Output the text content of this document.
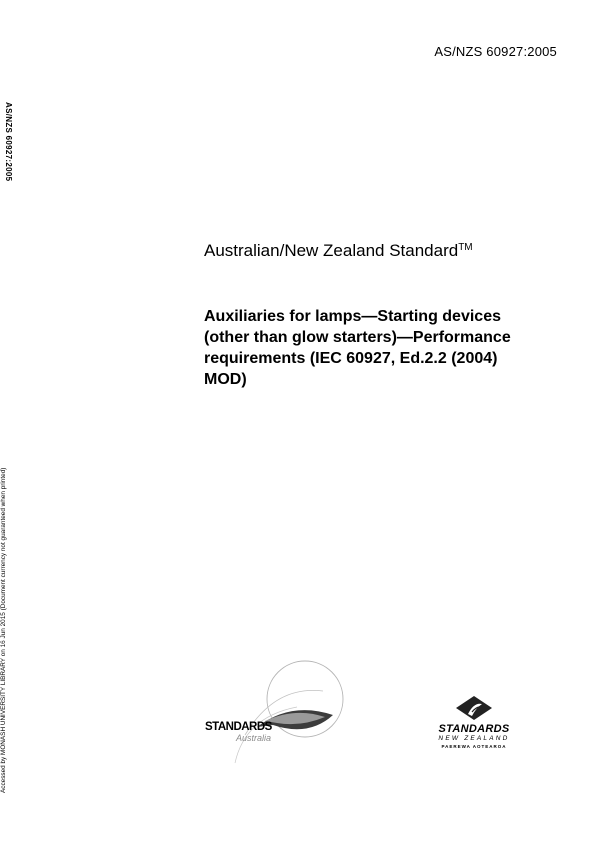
AS/NZS 60927:2005
AS/NZS 60927:2005
Accessed by MONASH UNIVERSITY LIBRARY on 16 Jun 2015 (Document currency not guaranteed when printed)
Australian/New Zealand Standard™
Auxiliaries for lamps—Starting devices
(other than glow starters)—Performance
requirements (IEC 60927, Ed.2.2 (2004)
MOD)
STANDARDS
Australia
STANDARDS
NEW ZEALAND
PAEREWA AOTEAROA
